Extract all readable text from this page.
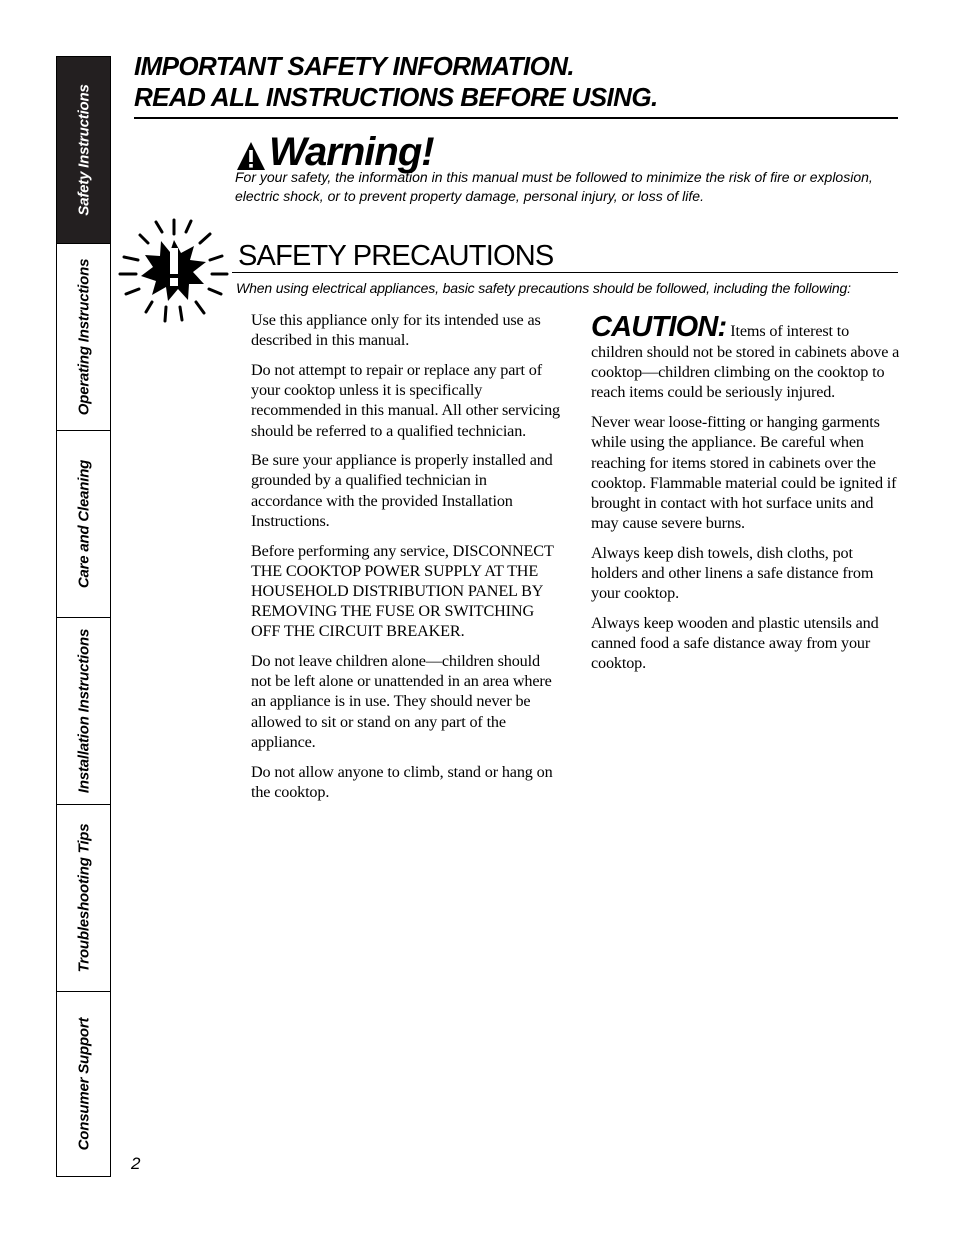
Safety Instructions
Operating Instructions
Care and Cleaning
Installation Instructions
Troubleshooting Tips
Consumer Support
IMPORTANT SAFETY INFORMATION.
READ ALL INSTRUCTIONS BEFORE USING.
Warning!

For your safety, the information in this manual must be followed to minimize the risk of fire or explosion, electric shock, or to prevent property damage, personal injury, or loss of life.

SAFETY PRECAUTIONS

When using electrical appliances, basic safety precautions should be followed, including the following:

Use this appliance only for its intended use as described in this manual.

Do not attempt to repair or replace any part of your cooktop unless it is specifically recommended in this manual. All other servicing should be referred to a qualified technician.

Be sure your appliance is properly installed and grounded by a qualified technician in accordance with the provided Installation Instructions.

Before performing any service, DISCONNECT THE COOKTOP POWER SUPPLY AT THE HOUSEHOLD DISTRIBUTION PANEL BY REMOVING THE FUSE OR SWITCHING OFF THE CIRCUIT BREAKER.

Do not leave children alone—children should not be left alone or unattended in an area where an appliance is in use. They should never be allowed to sit or stand on any part of the appliance.

Do not allow anyone to climb, stand or hang on the cooktop.

CAUTION: Items of interest to children should not be stored in cabinets above a cooktop—children climbing on the cooktop to reach items could be seriously injured.

Never wear loose-fitting or hanging garments while using the appliance. Be careful when reaching for items stored in cabinets over the cooktop. Flammable material could be ignited if brought in contact with hot surface units and may cause severe burns.

Always keep dish towels, dish cloths, pot holders and other linens a safe distance from your cooktop.

Always keep wooden and plastic utensils and canned food a safe distance away from your cooktop.

2
